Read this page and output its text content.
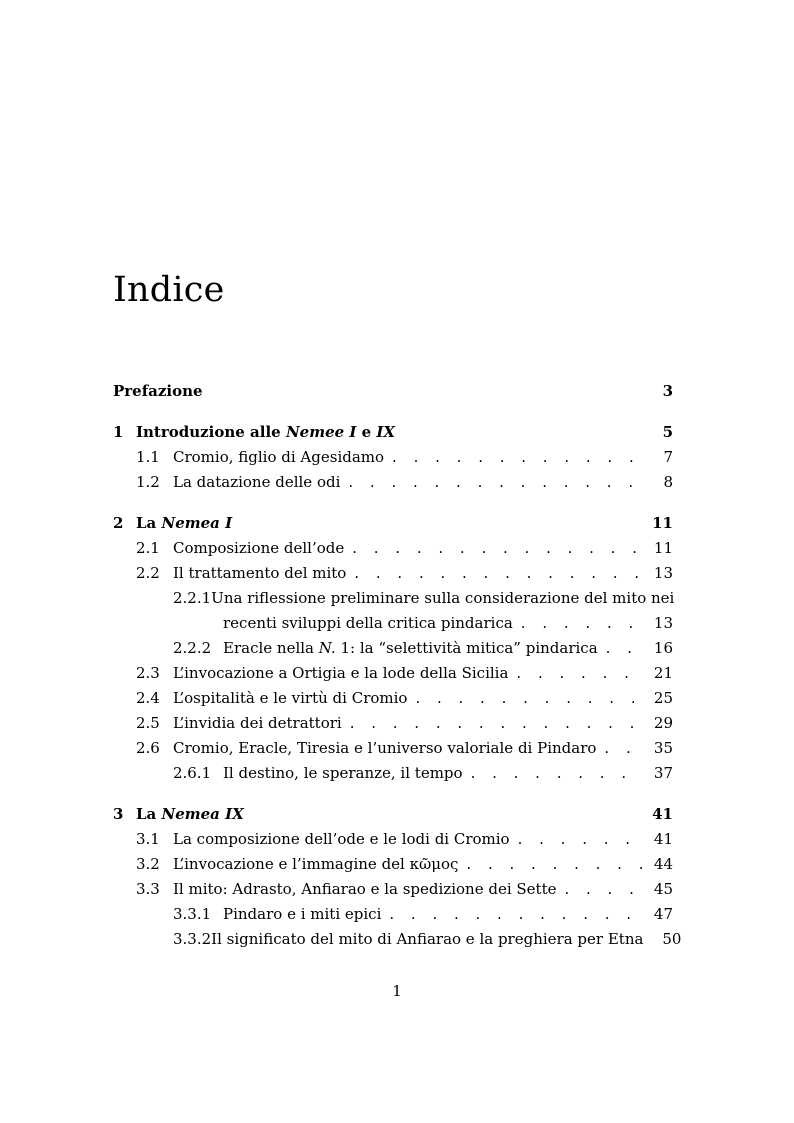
Indice
Prefazione	3
1 Introduzione alle Nemee I e IX	5
1.1 Cromio, figlio di Agesidamo . . .	7
1.2 La datazione delle odi . . .	8
2 La Nemea I	11
2.1 Composizione dell’ode . . .	11
2.2 Il trattamento del mito . . .	13
2.2.1 Una riflessione preliminare sulla considerazione del mito nei
recenti sviluppi della critica pindarica . . .	13
2.2.2 Eracle nella N. 1: la “selettività mitica” pindarica . . .	16
2.3 L’invocazione a Ortigia e la lode della Sicilia . . .	21
2.4 L’ospitalità e le virtù di Cromio . . .	25
2.5 L’invidia dei detrattori . . .	29
2.6 Cromio, Eracle, Tiresia e l’universo valoriale di Pindaro . . .	35
2.6.1 Il destino, le speranze, il tempo . . .	37
3 La Nemea IX	41
3.1 La composizione dell’ode e le lodi di Cromio . . .	41
3.2 L’invocazione e l’immagine del κῶμος . . .	44
3.3 Il mito: Adrasto, Anfiarao e la spedizione dei Sette . . .	45
3.3.1 Pindaro e i miti epici . . .	47
3.3.2 Il significato del mito di Anfiarao e la preghiera per Etna 50
1
